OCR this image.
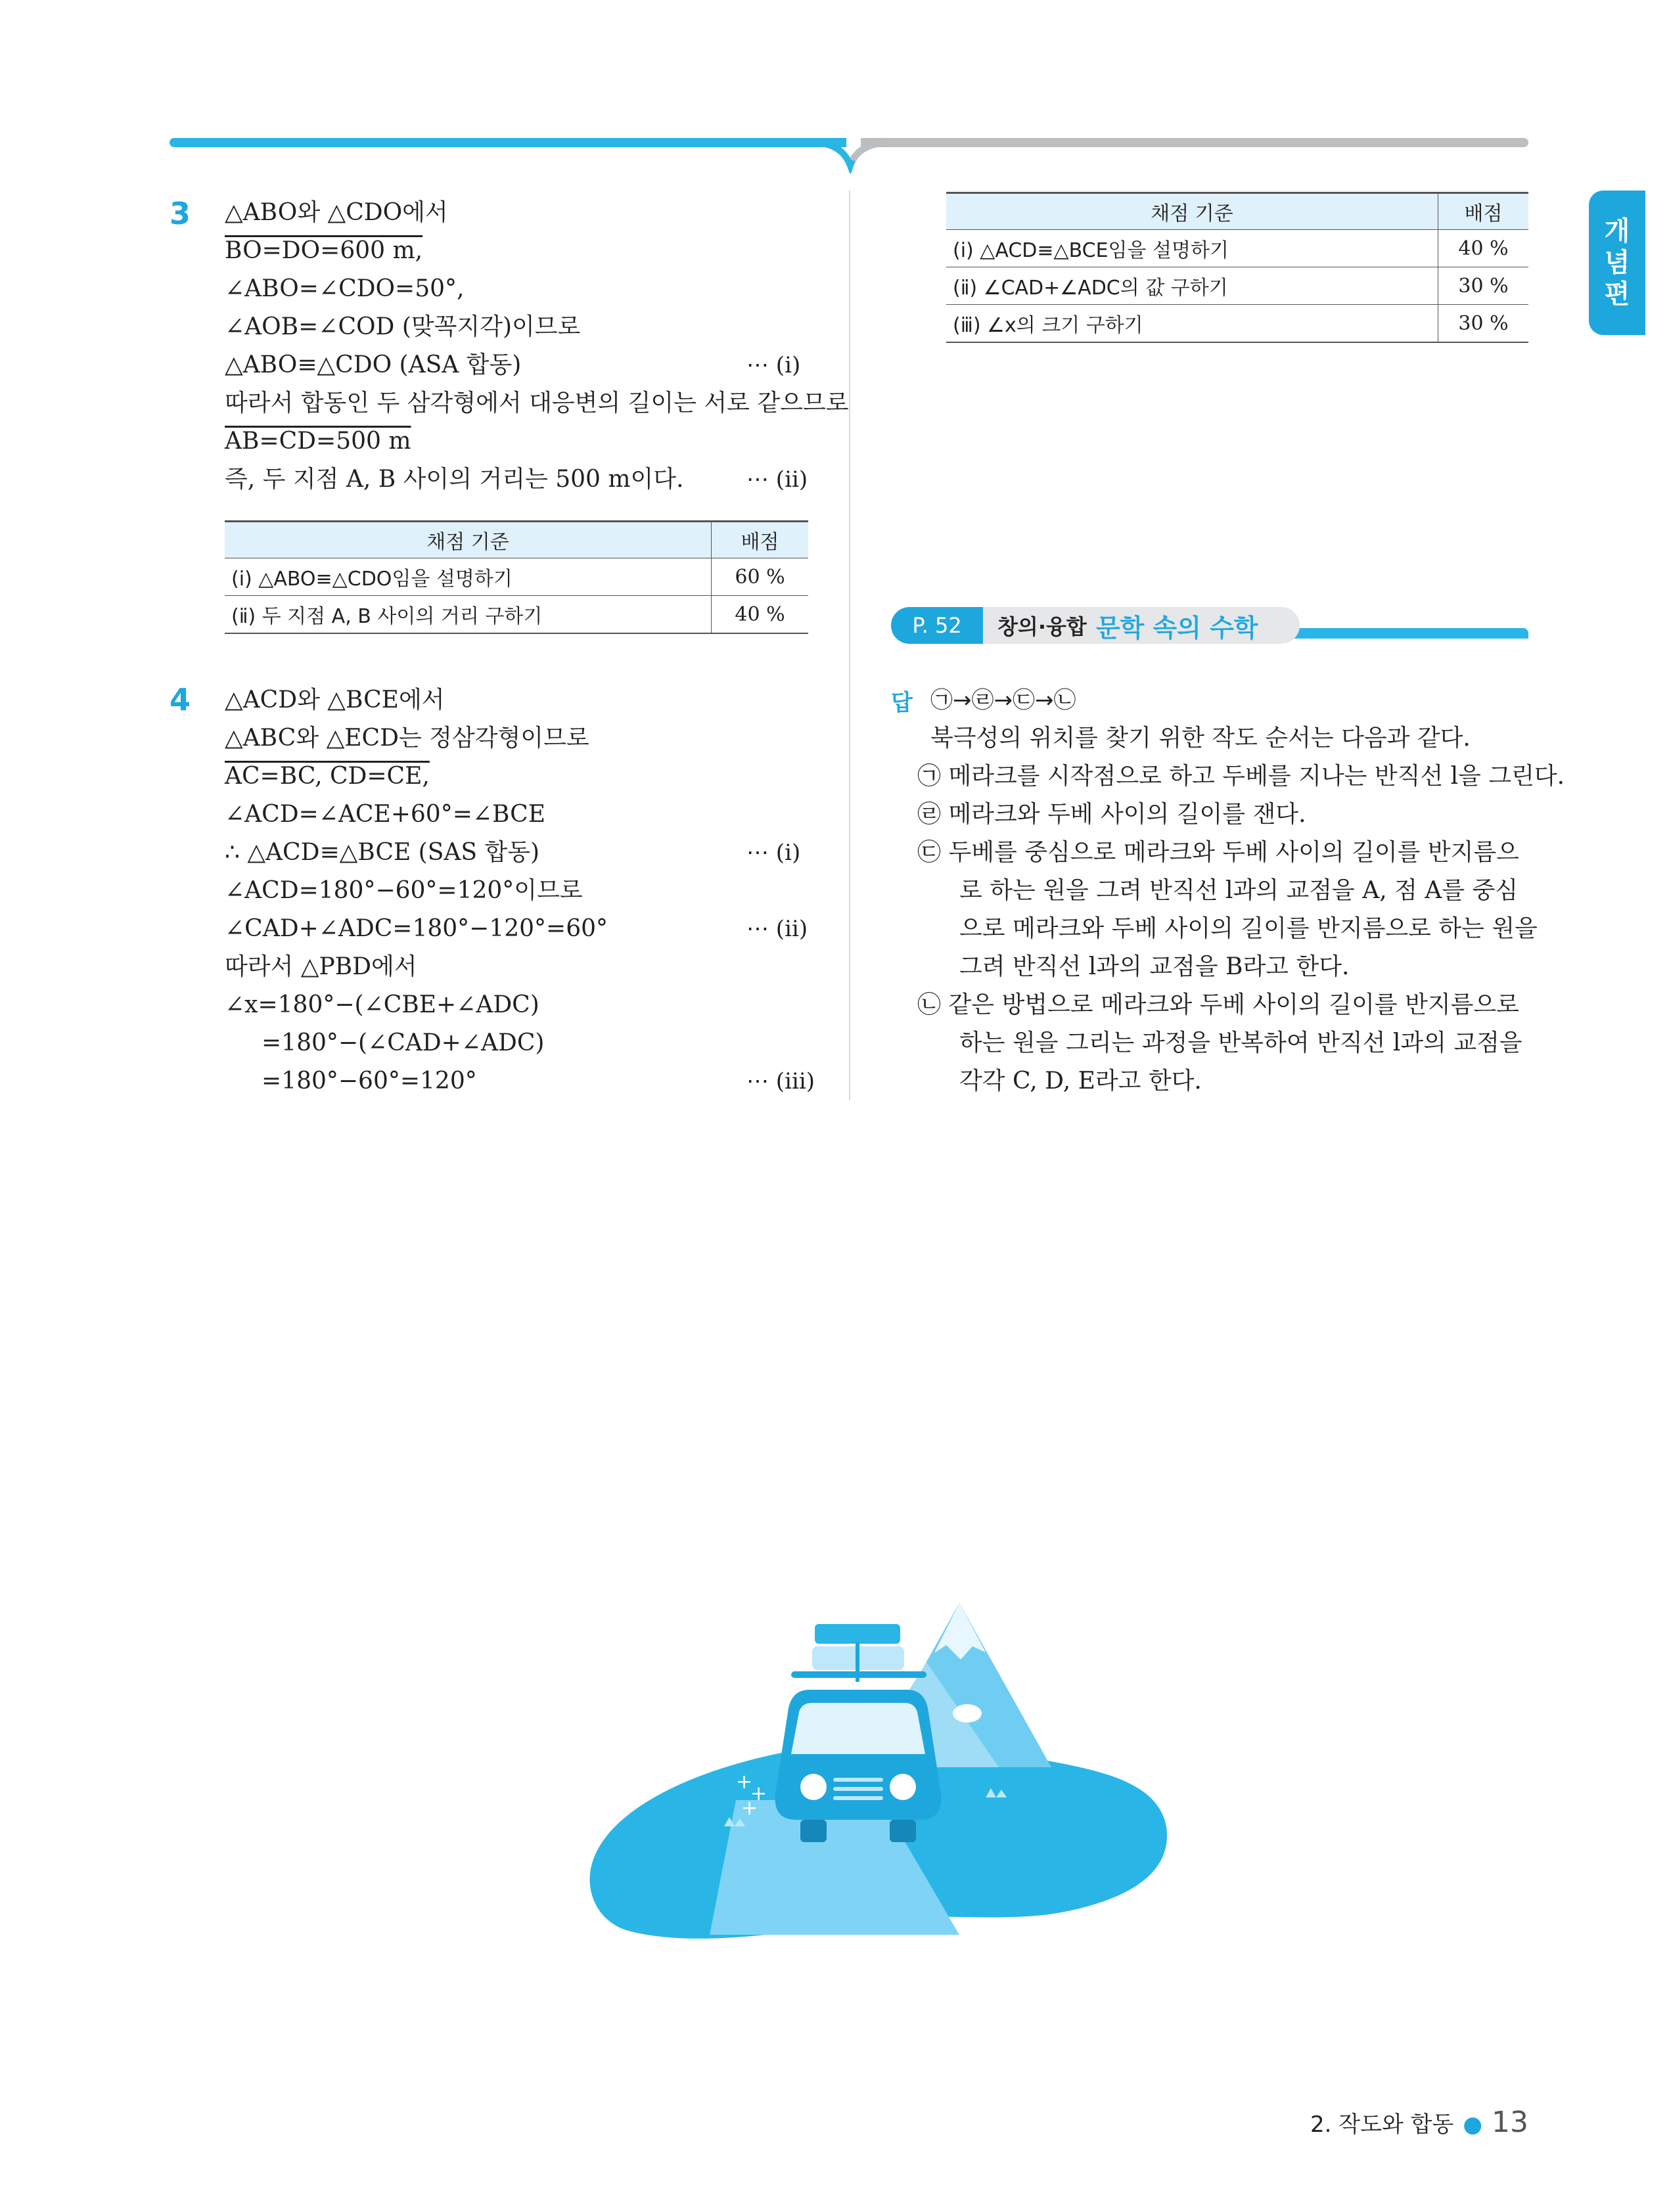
개
념
편
3 △ABO와 △CDO에서
BO=DO=600 m,
∠ABO=∠CDO=50°,
∠AOB=∠COD (맞꼭지각)이므로
△ABO≡△CDO (ASA 합동)	⋯ (ⅰ)
따라서 합동인 두 삼각형에서 대응변의 길이는 서로 같으므로
AB=CD=500 m
즉, 두 지점 A, B 사이의 거리는 500 m이다.	⋯ (ⅱ)
채점 기준	배점
(ⅰ) △ABO≡△CDO임을 설명하기	60 %
(ⅱ) 두 지점 A, B 사이의 거리 구하기	40 %
4 △ACD와 △BCE에서
△ABC와 △ECD는 정삼각형이므로
AC=BC, CD=CE,
∠ACD=∠ACE+60°=∠BCE
∴ △ACD≡△BCE (SAS 합동)	⋯ (ⅰ)
∠ACD=180°−60°=120°이므로
∠CAD+∠ADC=180°−120°=60°	⋯ (ⅱ)
따라서 △PBD에서
∠x=180°−(∠CBE+∠ADC)
=180°−(∠CAD+∠ADC)
=180°−60°=120°	⋯ (ⅲ)
채점 기준	배점
(ⅰ) △ACD≡△BCE임을 설명하기	40 %
(ⅱ) ∠CAD+∠ADC의 값 구하기	30 %
(ⅲ) ∠x의 크기 구하기	30 %
P. 52	창의·융합 문학 속의 수학
답 ㉠→㉣→㉢→㉡
북극성의 위치를 찾기 위한 작도 순서는 다음과 같다.
㉠ 메라크를 시작점으로 하고 두베를 지나는 반직선 l을 그린다.
㉣ 메라크와 두베 사이의 길이를 잰다.
㉢ 두베를 중심으로 메라크와 두베 사이의 길이를 반지름으
로 하는 원을 그려 반직선 l과의 교점을 A, 점 A를 중심
으로 메라크와 두베 사이의 길이를 반지름으로 하는 원을
그려 반직선 l과의 교점을 B라고 한다.
㉡ 같은 방법으로 메라크와 두베 사이의 길이를 반지름으로
하는 원을 그리는 과정을 반복하여 반직선 l과의 교점을
각각 C, D, E라고 한다.
+
+
+
2. 작도와 합동 ● 13
